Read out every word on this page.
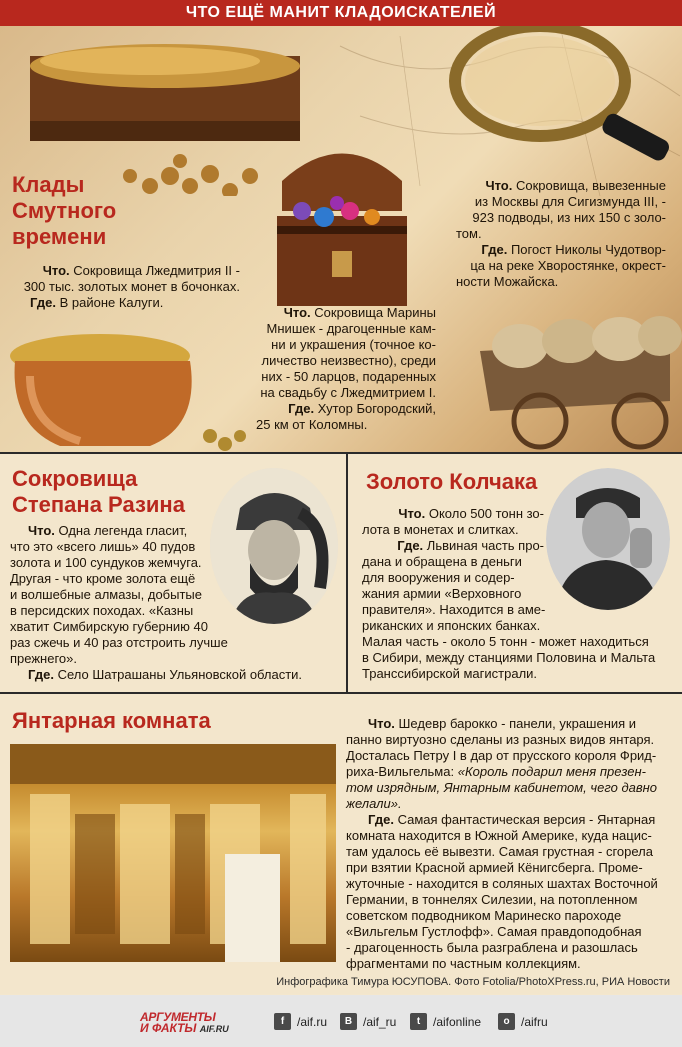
ЧТО ЕЩЁ МАНИТ КЛАДОИСКАТЕЛЕЙ
Клады
Смутного
времени
Что. Сокровища Лжедмитрия II -
300 тыс. золотых монет в бочонках.
Где. В районе Калуги.
Что. Сокровища Марины
Мнишек - драгоценные кам-
ни и украшения (точное ко-
личество неизвестно), среди
них - 50 ларцов, подаренных
на свадьбу с Лжедмитрием I.
Где. Хутор Богородский,
25 км от Коломны.
Что. Сокровища, вывезенные
из Москвы для Сигизмунда III, -
923 подводы, из них 150 с золо-
том.
Где. Погост Николы Чудотвор-
ца на реке Хворостянке, окрест-
ности Можайска.
Сокровища
Степана Разина
Что. Одна легенда гласит,
что это «всего лишь» 40 пудов
золота и 100 сундуков жемчуга.
Другая - что кроме золота ещё
и волшебные алмазы, добытые
в персидских походах. «Казны
хватит Симбирскую губернию 40
раз сжечь и 40 раз отстроить лучше
прежнего».
Где. Село Шатрашаны Ульяновской области.
Золото Колчака
Что. Около 500 тонн зо-
лота в монетах и слитках.
Где. Львиная часть про-
дана и обращена в деньги
для вооружения и содер-
жания армии «Верховного
правителя». Находится в аме-
риканских и японских банках.
Малая часть - около 5 тонн - может находиться
в Сибири, между станциями Половина и Мальта
Транссибирской магистрали.
Янтарная комната	Что. Шедевр барокко - панели, украшения и
панно виртуозно сделаны из разных видов янтаря.
Досталась Петру I в дар от прусского короля Фрид-
риха-Вильгельма: «Король подарил меня презен-
том изрядным, Янтарным кабинетом, чего давно
желали».
Где. Самая фантастическая версия - Янтарная
комната находится в Южной Америке, куда нацис-
там удалось её вывезти. Самая грустная - сгорела
при взятии Красной армией Кёнигсберга. Проме-
жуточные - находится в соляных шахтах Восточной
Германии, в тоннелях Силезии, на потопленном
советском подводником Маринеско пароходе
«Вильгельм Густлофф». Самая правдоподобная
- драгоценность была разграблена и разошлась
фрагментами по частным коллекциям.
Инфографика Тимура ЮСУПОВА. Фото Fotolia/PhotoXPress.ru, РИА Новости
АРГУМЕНТЫ
И ФАКТЫ AIF.RU
f	/aif.ru	B /aif_ru	t	/aifonline	o /aifru
